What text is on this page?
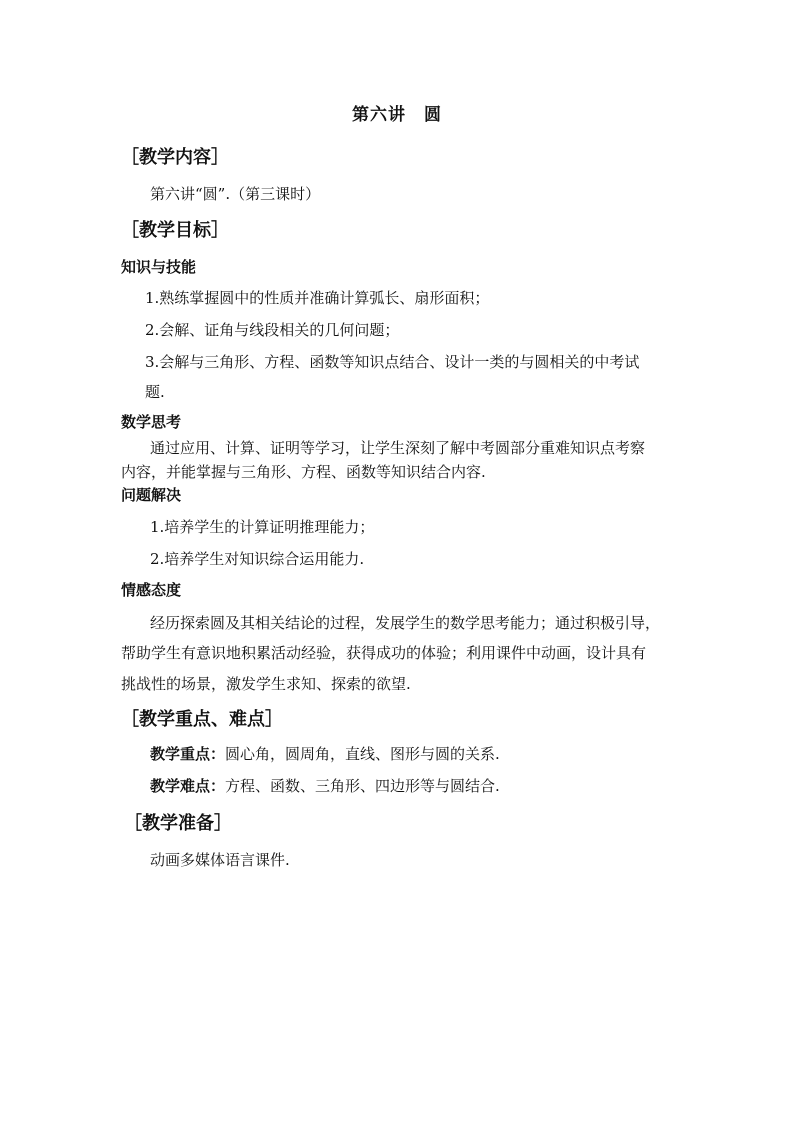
第六讲　圆
［教学内容］
第六讲“圆”.（第三课时）
［教学目标］
知识与技能
1.熟练掌握圆中的性质并准确计算弧长、扇形面积；
2.会解、证角与线段相关的几何问题；
3.会解与三角形、方程、函数等知识点结合、设计一类的与圆相关的中考试
题.
数学思考
通过应用、计算、证明等学习，让学生深刻了解中考圆部分重难知识点考察
内容，并能掌握与三角形、方程、函数等知识结合内容.
问题解决
1.培养学生的计算证明推理能力；
2.培养学生对知识综合运用能力.
情感态度
经历探索圆及其相关结论的过程，发展学生的数学思考能力；通过积极引导，
帮助学生有意识地积累活动经验，获得成功的体验；利用课件中动画，设计具有
挑战性的场景，激发学生求知、探索的欲望.
［教学重点、难点］
教学重点：圆心角，圆周角，直线、图形与圆的关系.
教学难点：方程、函数、三角形、四边形等与圆结合.
［教学准备］
动画多媒体语言课件.
